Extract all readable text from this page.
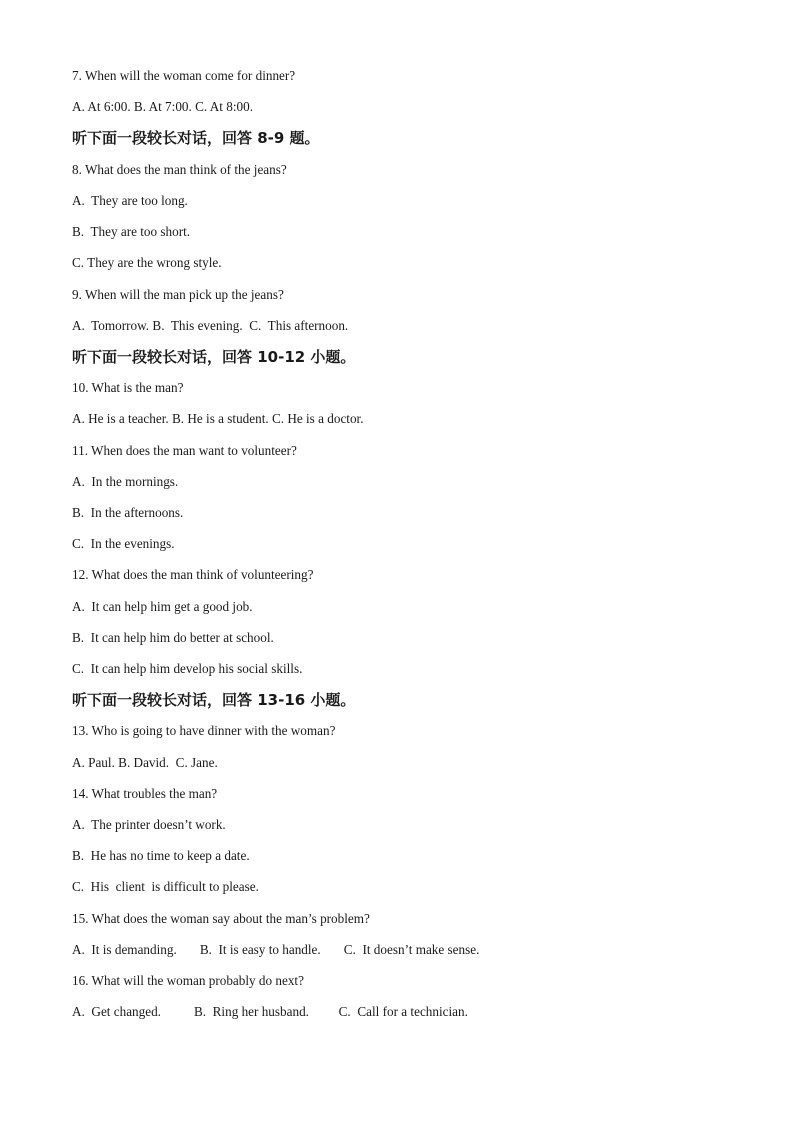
7. When will the woman come for dinner?

A. At 6:00. B. At 7:00. C. At 8:00.

听下面一段较长对话，回答 8-9 题。

8. What does the man think of the jeans?

A.  They are too long.

B.  They are too short.

C. They are the wrong style.

9. When will the man pick up the jeans?

A.  Tomorrow. B.  This evening.  C.  This afternoon.

听下面一段较长对话，回答 10-12 小题。

10. What is the man?

A. He is a teacher. B. He is a student. C. He is a doctor.

11. When does the man want to volunteer?

A.  In the mornings.

B.  In the afternoons.

C.  In the evenings.

12. What does the man think of volunteering?

A.  It can help him get a good job.

B.  It can help him do better at school.

C.  It can help him develop his social skills.

听下面一段较长对话，回答 13-16 小题。

13. Who is going to have dinner with the woman?

A. Paul. B. David.  C. Jane.

14. What troubles the man?

A.  The printer doesn’t work.

B.  He has no time to keep a date.

C.  His  client  is difficult to please.

15. What does the woman say about the man’s problem?

A.  It is demanding.       B.  It is easy to handle.       C.  It doesn’t make sense.

16. What will the woman probably do next?

A.  Get changed.          B.  Ring her husband.         C.  Call for a technician.
